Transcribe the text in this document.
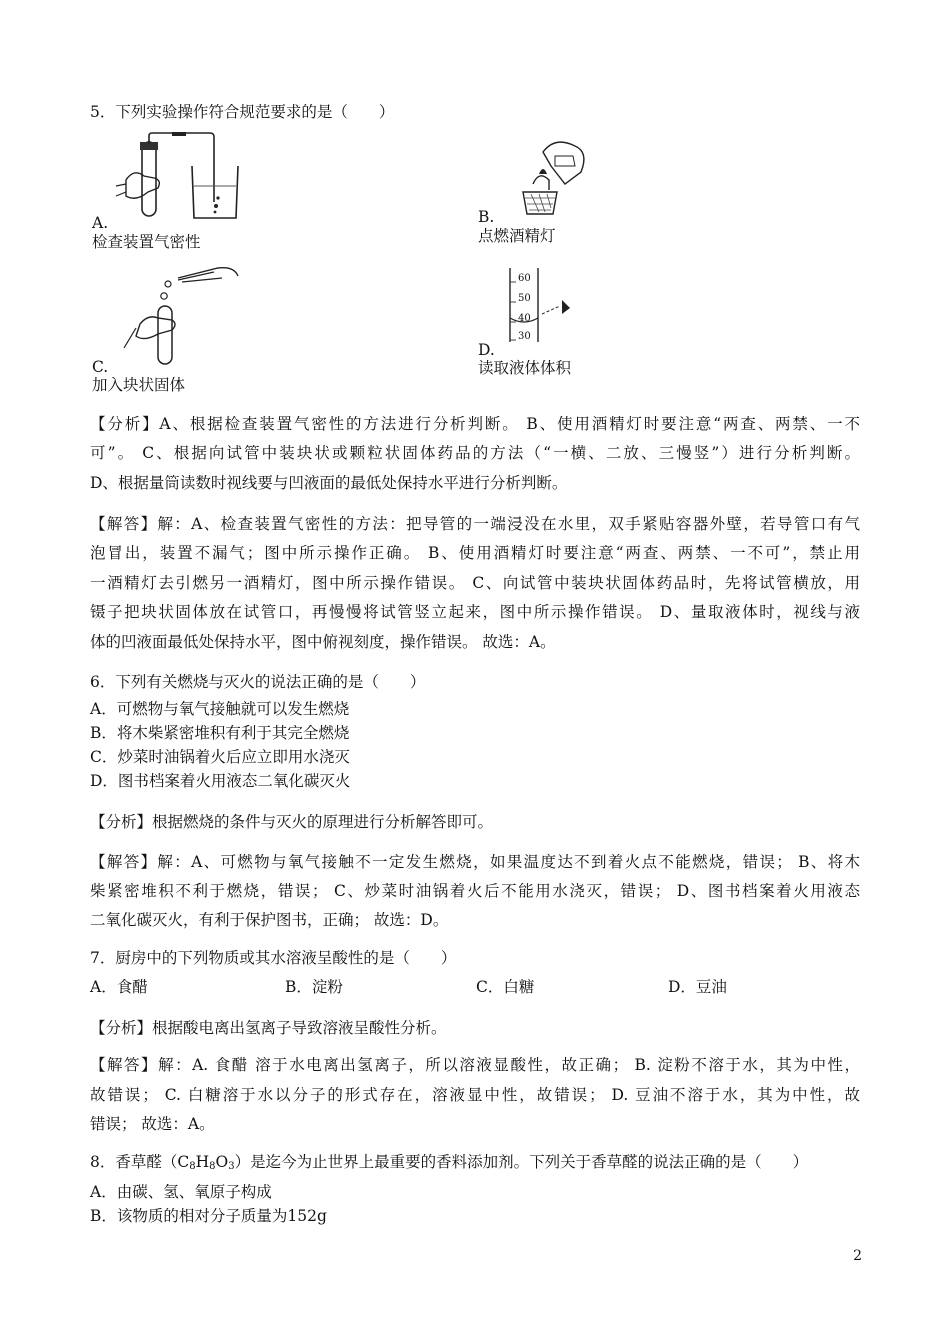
5．下列实验操作符合规范要求的是（　　）
A.
检查装置气密性
B.
点燃酒精灯
C.
加入块状固体
60
50
40
30
D.
读取液体体积
【分析】A、根据检查装置气密性的方法进行分析判断。 B、使用酒精灯时要注意“两查、两禁、一不
可”。 C、根据向试管中装块状或颗粒状固体药品的方法（“一横、二放、三慢竖”）进行分析判断。
D、根据量筒读数时视线要与凹液面的最低处保持水平进行分析判断。
【解答】解：A、检查装置气密性的方法：把导管的一端浸没在水里，双手紧贴容器外壁，若导管口有气
泡冒出，装置不漏气；图中所示操作正确。 B、使用酒精灯时要注意“两查、两禁、一不可”，禁止用
一酒精灯去引燃另一酒精灯，图中所示操作错误。 C、向试管中装块状固体药品时，先将试管横放，用
镊子把块状固体放在试管口，再慢慢将试管竖立起来，图中所示操作错误。 D、量取液体时，视线与液
体的凹液面最低处保持水平，图中俯视刻度，操作错误。 故选：A。
6．下列有关燃烧与灭火的说法正确的是（　　）
A．可燃物与氧气接触就可以发生燃烧
B．将木柴紧密堆积有利于其完全燃烧
C．炒菜时油锅着火后应立即用水浇灭
D．图书档案着火用液态二氧化碳灭火
【分析】根据燃烧的条件与灭火的原理进行分析解答即可。
【解答】解：A、可燃物与氧气接触不一定发生燃烧，如果温度达不到着火点不能燃烧，错误； B、将木
柴紧密堆积不利于燃烧，错误； C、炒菜时油锅着火后不能用水浇灭，错误； D、图书档案着火用液态
二氧化碳灭火，有利于保护图书，正确； 故选：D。
7．厨房中的下列物质或其水溶液呈酸性的是（　　）
A．食醋	B．淀粉	C．白糖	D．豆油
【分析】根据酸电离出氢离子导致溶液呈酸性分析。
【解答】解：A. 食醋 溶于水电离出氢离子，所以溶液显酸性，故正确； B. 淀粉不溶于水，其为中性，
故错误； C. 白糖溶于水以分子的形式存在，溶液显中性，故错误； D. 豆油不溶于水，其为中性，故
错误； 故选：A。
8．香草醛$(C_8H_8O_3)$是迄今为止世界上最重要的香料添加剂。下列关于香草醛的说法正确的是（　　）
A．由碳、氢、氧原子构成
B．该物质的相对分子质量为152g
2
